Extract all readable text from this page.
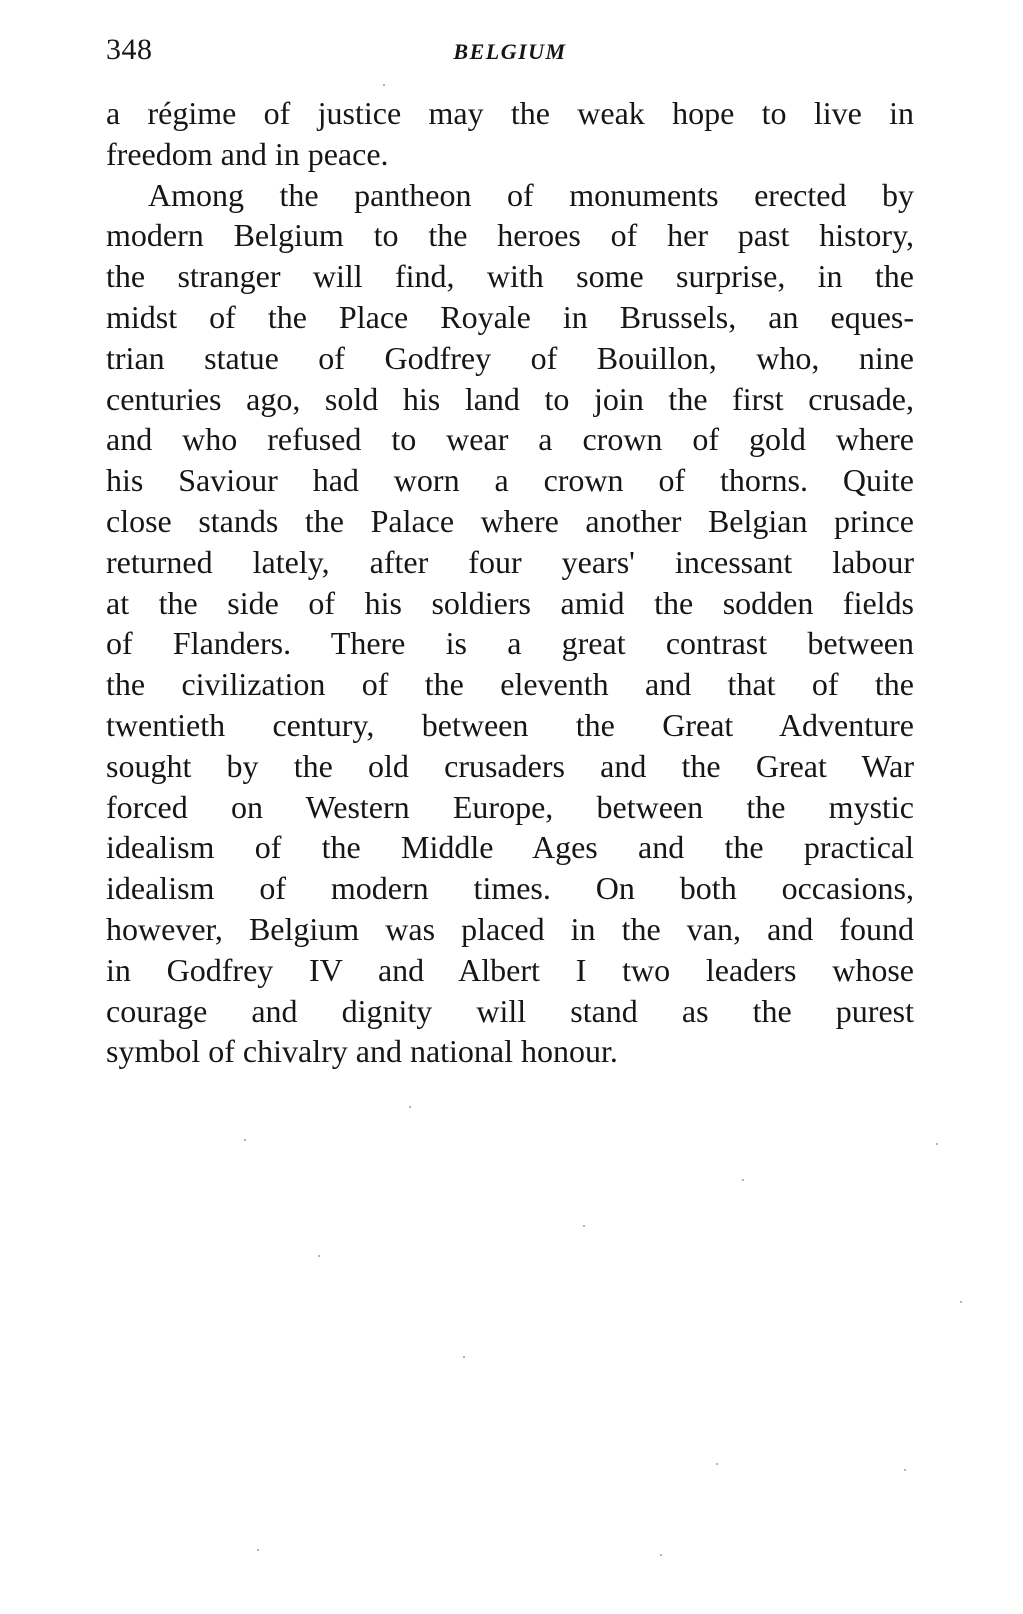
348	BELGIUM
a régime of justice may the weak hope to live in
freedom and in peace.
Among the pantheon of monuments erected by
modern Belgium to the heroes of her past history,
the stranger will find, with some surprise, in the
midst of the Place Royale in Brussels, an eques-
trian statue of Godfrey of Bouillon, who, nine
centuries ago, sold his land to join the first crusade,
and who refused to wear a crown of gold where
his Saviour had worn a crown of thorns. Quite
close stands the Palace where another Belgian prince
returned lately, after four years' incessant labour
at the side of his soldiers amid the sodden fields
of Flanders. There is a great contrast between
the civilization of the eleventh and that of the
twentieth century, between the Great Adventure
sought by the old crusaders and the Great War
forced on Western Europe, between the mystic
idealism of the Middle Ages and the practical
idealism of modern times. On both occasions,
however, Belgium was placed in the van, and found
in Godfrey IV and Albert I two leaders whose
courage and dignity will stand as the purest
symbol of chivalry and national honour.
